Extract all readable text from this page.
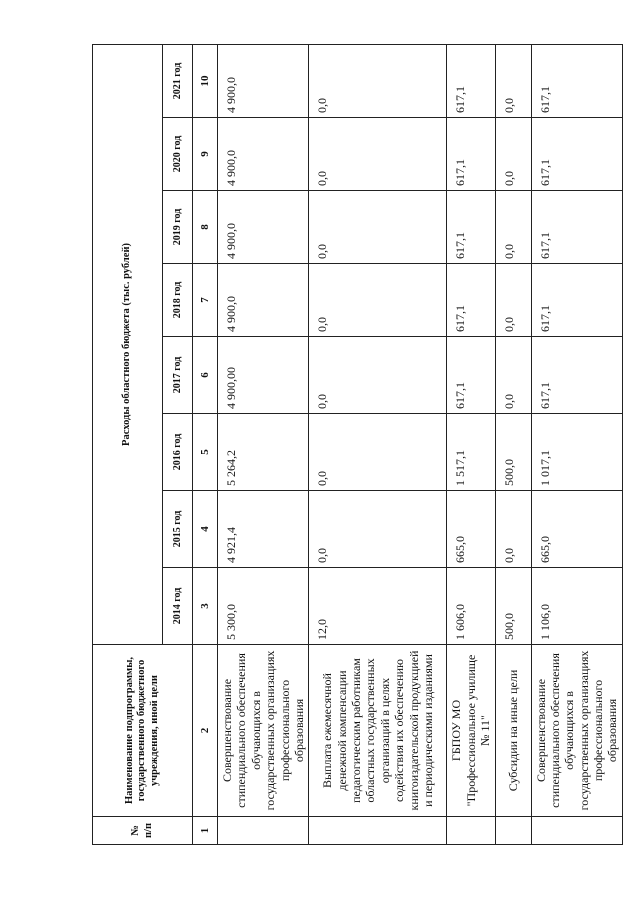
№ п/п	Наименование подпрограммы, государственного бюджетного учреждения, иной цели	Расходы областного бюджета (тыс. рублей)							
		2014 год	2015 год	2016 год	2017 год	2018 год	2019 год	2020 год	2021 год
1	2	3	4	5	6	7	8	9	10
	Совершенствование стипендиального обеспечения обучающихся в государственных организациях профессионального образования	5 300,0	4 921,4	5 264,2	4 900,00	4 900,0	4 900,0	4 900,0	4 900,0
	Выплата ежемесячной денежной компенсации педагогическим работникам областных государственных организаций в целях содействия их обеспечению книгоиздательской продукцией и периодическими изданиями	12,0	0,0	0,0	0,0	0,0	0,0	0,0	0,0
	ГБПОУ МО "Профессиональное училище № 11"	1 606,0	665,0	1 517,1	617,1	617,1	617,1	617,1	617,1
	Субсидии на иные цели	500,0	0,0	500,0	0,0	0,0	0,0	0,0	0,0
	Совершенствование стипендиального обеспечения обучающихся в государственных организациях профессионального образования	1 106,0	665,0	1 017,1	617,1	617,1	617,1	617,1	617,1
